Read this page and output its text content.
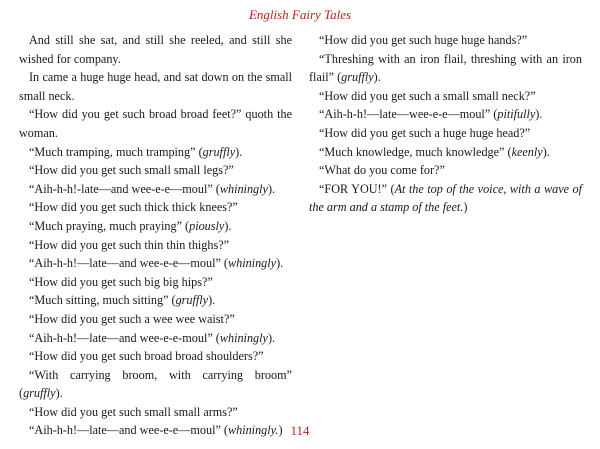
English Fairy Tales

And still she sat, and still she reeled, and still she wished for company.

In came a huge huge head, and sat down on the small small neck.

“How did you get such broad broad feet?” quoth the woman.

“Much tramping, much tramping” (gruffly).

“How did you get such small small legs?”

“Aih-h-h!-late—and wee-e-e—moul” (whiningly).

“How did you get such thick thick knees?”

“Much praying, much praying” (piously).

“How did you get such thin thin thighs?”

“Aih-h-h!—late—and wee-e-e—moul” (whiningly).

“How did you get such big big hips?”

“Much sitting, much sitting” (gruffly).

“How did you get such a wee wee waist?”

“Aih-h-h!—late—and wee-e-e-moul” (whiningly).

“How did you get such broad broad shoulders?”

“With carrying broom, with carrying broom” (gruffly).

“How did you get such small small arms?”

“Aih-h-h!—late—and wee-e-e—moul” (whiningly.)

“How did you get such huge huge hands?”

“Threshing with an iron flail, threshing with an iron flail” (gruffly).

“How did you get such a small small neck?”

“Aih-h-h!—late—wee-e-e—moul” (pitifully).

“How did you get such a huge huge head?”

“Much knowledge, much knowledge” (keenly).

“What do you come for?”

“FOR YOU!” (At the top of the voice, with a wave of the arm and a stamp of the feet.)

114
